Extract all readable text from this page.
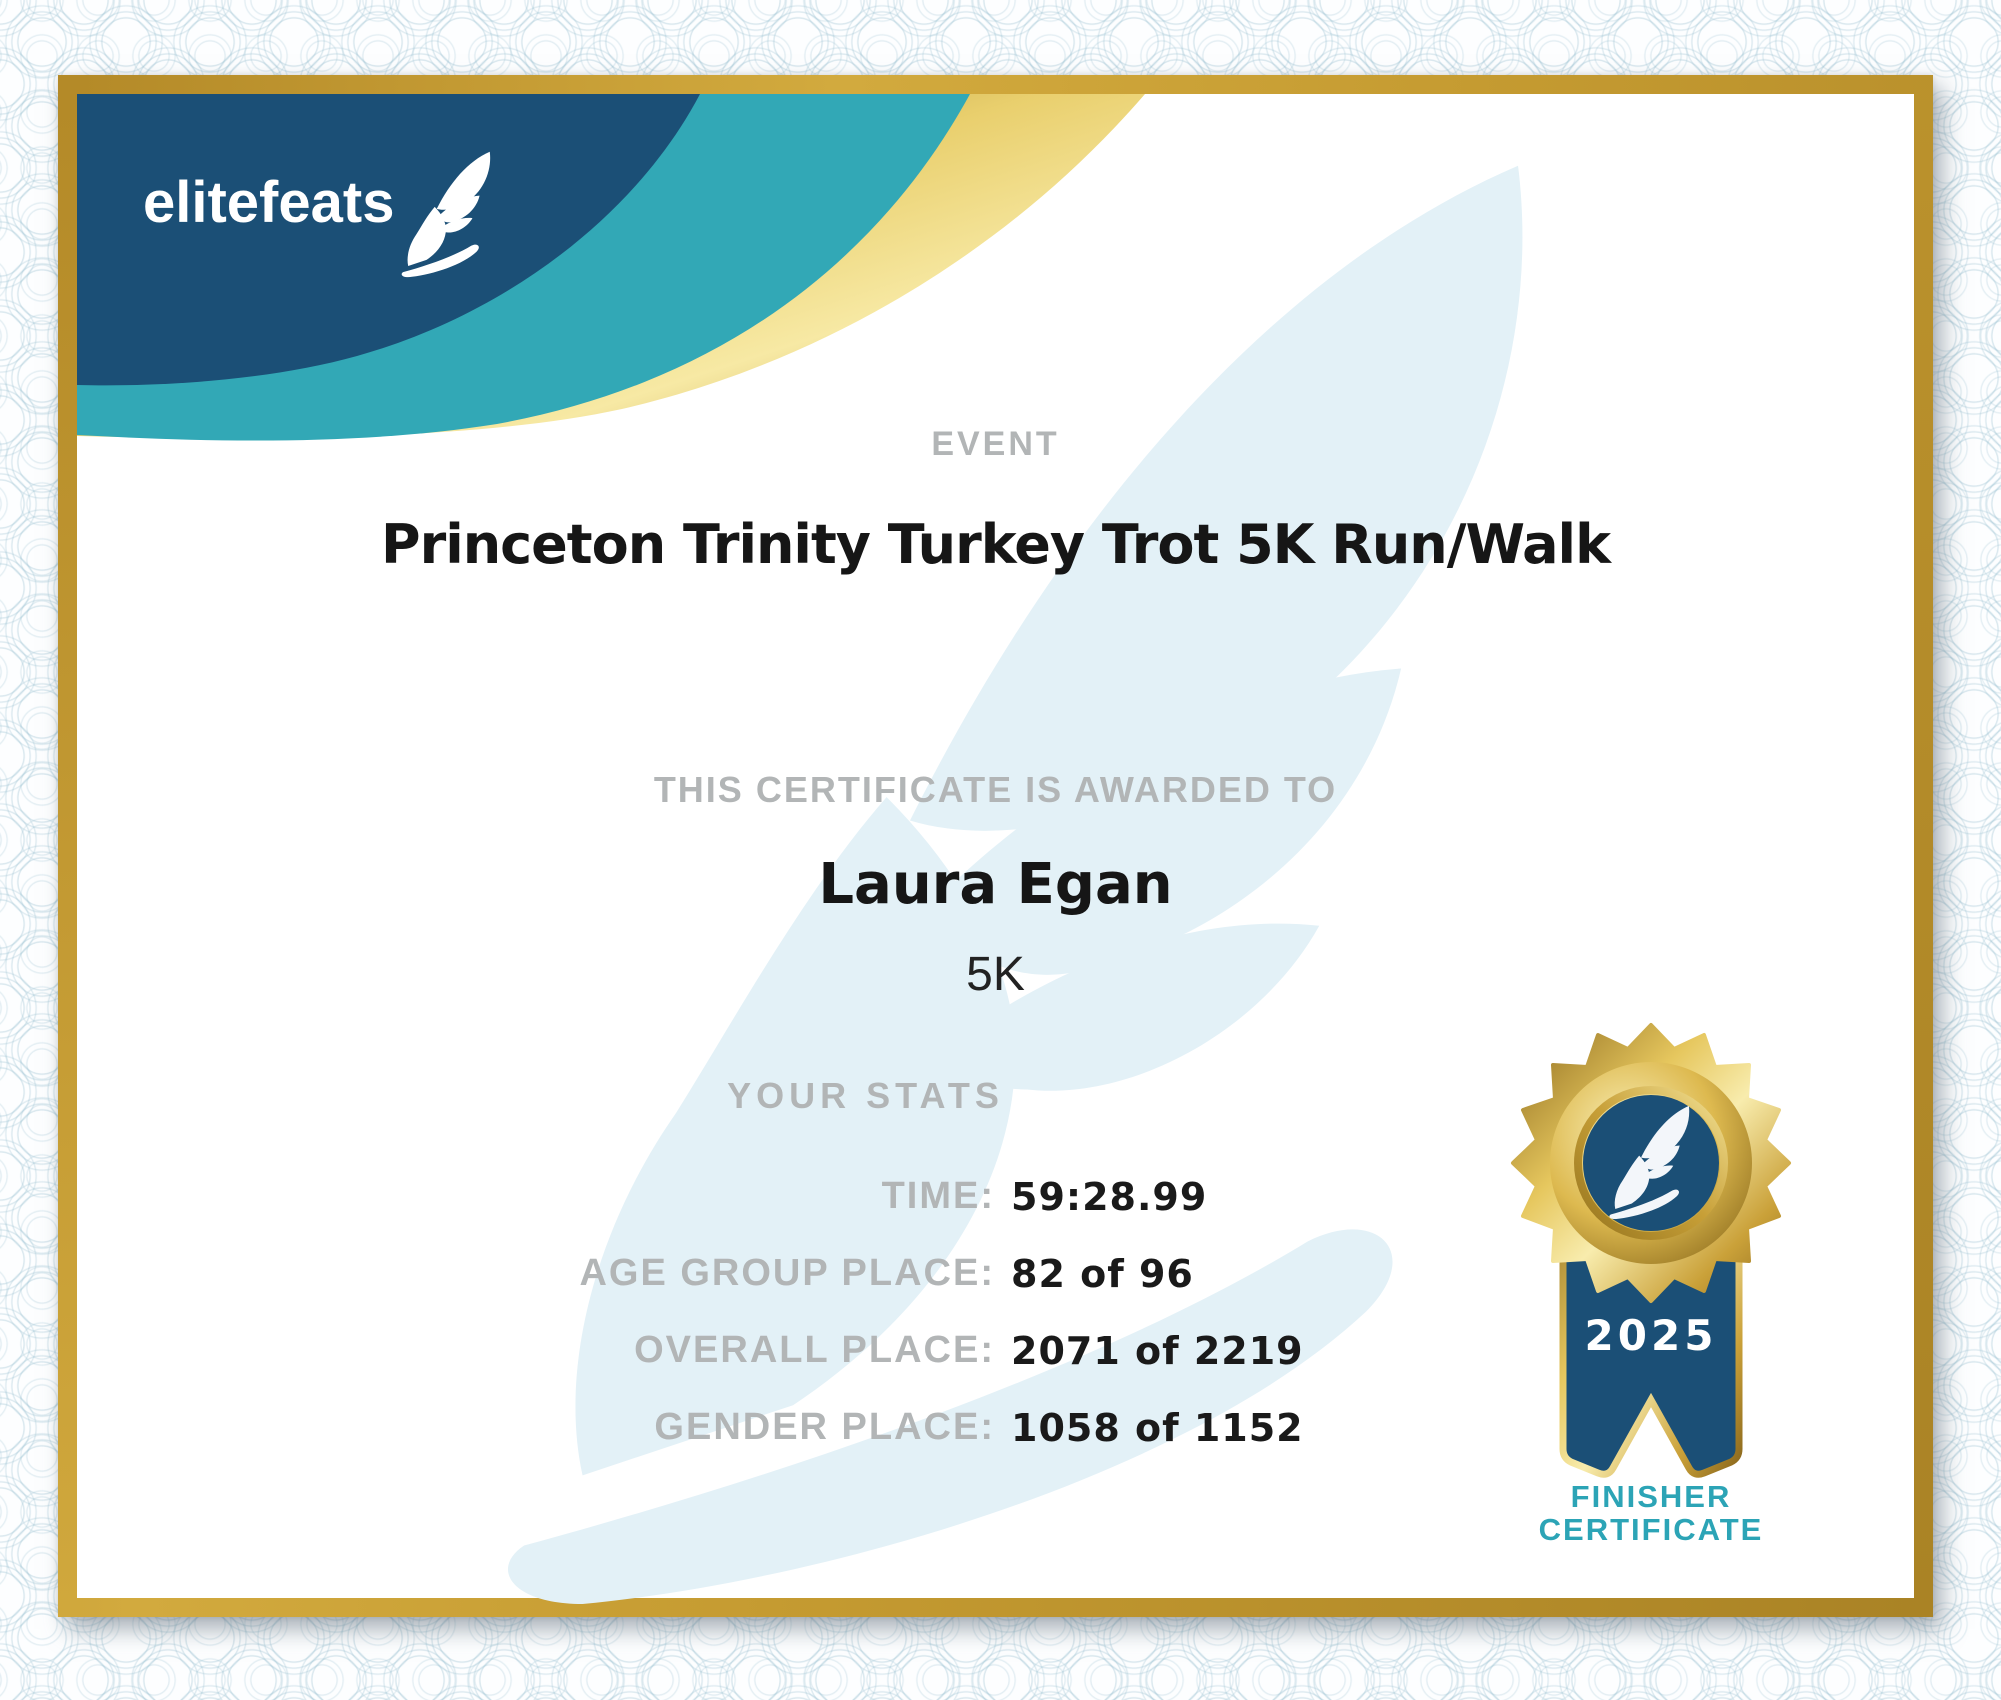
elitefeats
EVENT
Princeton Trinity Turkey Trot 5K Run/Walk
THIS CERTIFICATE IS AWARDED TO
Laura Egan
5K
YOUR STATS
TIME: 59:28.99
AGE GROUP PLACE: 82 of 96
OVERALL PLACE: 2071 of 2219
GENDER PLACE: 1058 of 1152
2025
FINISHER
CERTIFICATE
